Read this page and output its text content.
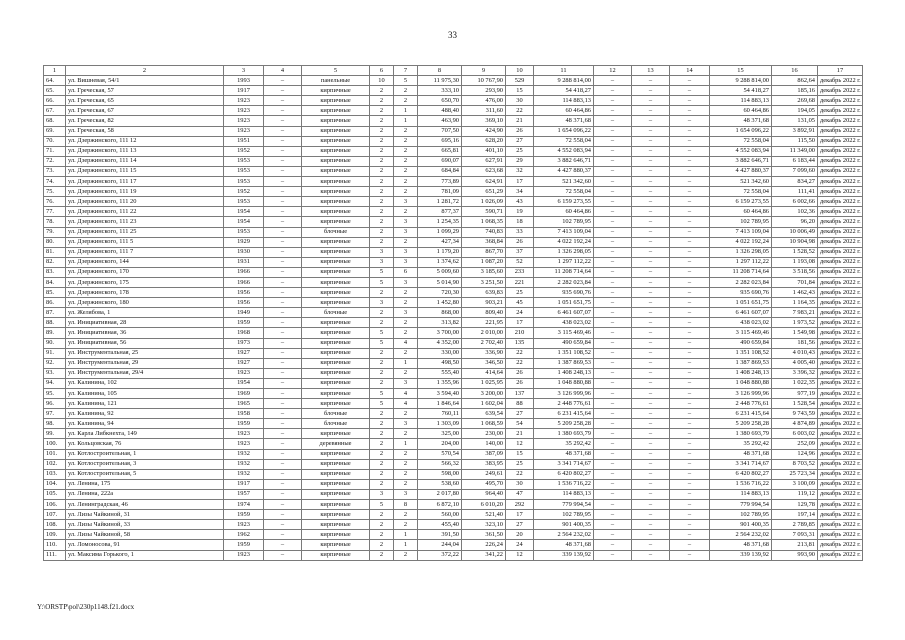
33
1	2	3	4	5	6	7	8	9	10	11	12	13	14	15	16	17
64.	ул. Вишневая, 54/1	1993	–	панельные	10	5	11 975,30	10 767,90	529	9 288 814,00	–	–	–	9 288 814,00	862,64	декабрь 2022 г.
65.	ул. Греческая, 57	1917	–	кирпичные	2	2	333,10	293,90	15	54 418,27	–	–	–	54 418,27	185,16	декабрь 2022 г.
66.	ул. Греческая, 65	1923	–	кирпичные	2	2	650,70	476,00	30	114 883,13	–	–	–	114 883,13	269,68	декабрь 2022 г.
67.	ул. Греческая, 67	1923	–	кирпичные	2	1	488,40	311,60	22	60 464,86	–	–	–	60 464,86	194,05	декабрь 2022 г.
68.	ул. Греческая, 82	1923	–	кирпичные	2	1	463,90	369,10	21	48 371,68	–	–	–	48 371,68	131,05	декабрь 2022 г.
69.	ул. Греческая, 58	1923	–	кирпичные	2	2	707,50	424,90	26	1 654 096,22	–	–	–	1 654 096,22	3 892,91	декабрь 2022 г.
70.	ул. Дзержинского, 111 12	1951	–	кирпичные	2	2	695,16	628,20	27	72 558,04	–	–	–	72 558,04	115,50	декабрь 2022 г.
71.	ул. Дзержинского, 111 13	1952	–	кирпичные	2	2	665,81	401,10	25	4 552 083,94	–	–	–	4 552 083,94	11 349,00	декабрь 2022 г.
72.	ул. Дзержинского, 111 14	1953	–	кирпичные	2	2	690,07	627,91	29	3 882 646,71	–	–	–	3 882 646,71	6 183,44	декабрь 2022 г.
73.	ул. Дзержинского, 111 15	1953	–	кирпичные	2	2	684,84	623,68	32	4 427 880,37	–	–	–	4 427 880,37	7 099,60	декабрь 2022 г.
74.	ул. Дзержинского, 111 17	1953	–	кирпичные	2	2	773,89	624,91	17	521 342,60	–	–	–	521 342,60	834,27	декабрь 2022 г.
75.	ул. Дзержинского, 111 19	1952	–	кирпичные	2	2	781,09	651,29	34	72 558,04	–	–	–	72 558,04	111,41	декабрь 2022 г.
76.	ул. Дзержинского, 111 20	1953	–	кирпичные	2	3	1 281,72	1 026,09	43	6 159 273,55	–	–	–	6 159 273,55	6 002,66	декабрь 2022 г.
77.	ул. Дзержинского, 111 22	1954	–	кирпичные	2	2	877,37	590,71	19	60 464,86	–	–	–	60 464,86	102,36	декабрь 2022 г.
78.	ул. Дзержинского, 111 23	1954	–	кирпичные	2	3	1 254,35	1 068,35	18	102 789,95	–	–	–	102 789,95	96,20	декабрь 2022 г.
79.	ул. Дзержинского, 111 25	1953	–	блочные	2	3	1 099,29	740,83	33	7 413 109,04	–	–	–	7 413 109,04	10 006,49	декабрь 2022 г.
80.	ул. Дзержинского, 111 5	1929	–	кирпичные	2	2	427,34	368,84	26	4 022 192,24	–	–	–	4 022 192,24	10 904,98	декабрь 2022 г.
81.	ул. Дзержинского, 111 7	1930	–	кирпичные	3	3	1 179,20	867,70	37	1 326 298,05	–	–	–	1 326 298,05	1 528,52	декабрь 2022 г.
82.	ул. Дзержинского, 144	1931	–	кирпичные	3	3	1 374,62	1 087,20	52	1 297 112,22	–	–	–	1 297 112,22	1 193,08	декабрь 2022 г.
83.	ул. Дзержинского, 170	1966	–	кирпичные	5	6	5 009,60	3 185,60	233	11 208 714,64	–	–	–	11 208 714,64	3 518,56	декабрь 2022 г.
84.	ул. Дзержинского, 175	1966	–	кирпичные	5	3	5 014,90	3 251,50	221	2 282 023,84	–	–	–	2 282 023,84	701,84	декабрь 2022 г.
85.	ул. Дзержинского, 178	1956	–	кирпичные	2	2	720,30	639,83	25	935 690,76	–	–	–	935 690,76	1 462,43	декабрь 2022 г.
86.	ул. Дзержинского, 180	1956	–	кирпичные	3	2	1 452,80	903,21	45	1 051 651,75	–	–	–	1 051 651,75	1 164,35	декабрь 2022 г.
87.	ул. Желябова, 1	1949	–	блочные	2	3	868,00	809,40	24	6 461 607,07	–	–	–	6 461 607,07	7 983,21	декабрь 2022 г.
88.	ул. Инициативная, 28	1959	–	кирпичные	2	2	313,82	221,95	17	438 023,02	–	–	–	438 023,02	1 973,52	декабрь 2022 г.
89.	ул. Инициативная, 36	1968	–	кирпичные	5	2	3 700,00	2 010,00	210	3 115 469,46	–	–	–	3 115 469,46	1 549,98	декабрь 2022 г.
90.	ул. Инициативная, 56	1973	–	кирпичные	5	4	4 352,00	2 702,40	135	490 659,84	–	–	–	490 659,84	181,56	декабрь 2022 г.
91.	ул. Инструментальная, 25	1927	–	кирпичные	2	2	330,00	336,90	22	1 351 108,52	–	–	–	1 351 108,52	4 010,43	декабрь 2022 г.
92.	ул. Инструментальная, 29	1927	–	кирпичные	2	1	498,50	346,50	22	1 387 869,53	–	–	–	1 387 869,53	4 005,40	декабрь 2022 г.
93.	ул. Инструментальная, 29/4	1923	–	кирпичные	2	2	555,40	414,64	26	1 408 248,13	–	–	–	1 408 248,13	3 396,32	декабрь 2022 г.
94.	ул. Калинина, 102	1954	–	кирпичные	2	3	1 355,96	1 025,95	26	1 048 880,88	–	–	–	1 048 880,88	1 022,35	декабрь 2022 г.
95.	ул. Калинина, 105	1969	–	кирпичные	5	4	3 594,40	3 200,00	137	3 126 999,96	–	–	–	3 126 999,96	977,19	декабрь 2022 г.
96.	ул. Калинина, 121	1965	–	кирпичные	5	4	1 846,64	1 602,04	88	2 448 776,61	–	–	–	2 448 776,61	1 528,54	декабрь 2022 г.
97.	ул. Калинина, 92	1958	–	блочные	2	2	760,11	639,54	27	6 231 415,64	–	–	–	6 231 415,64	9 743,59	декабрь 2022 г.
98.	ул. Калинина, 94	1959	–	блочные	2	3	1 303,09	1 068,59	54	5 209 258,28	–	–	–	5 209 258,28	4 874,89	декабрь 2022 г.
99.	ул. Карла Либкнехта, 149	1923	–	кирпичные	2	2	325,00	230,00	21	1 380 693,79	–	–	–	1 380 693,79	6 003,02	декабрь 2022 г.
100.	ул. Кольцовская, 76	1923	–	деревянные	2	1	204,00	140,00	12	35 292,42	–	–	–	35 292,42	252,09	декабрь 2022 г.
101.	ул. Котлостроительная, 1	1932	–	кирпичные	2	2	570,54	387,09	15	48 371,68	–	–	–	48 371,68	124,96	декабрь 2022 г.
102.	ул. Котлостроительная, 3	1932	–	кирпичные	2	2	566,32	383,95	25	3 341 714,67	–	–	–	3 341 714,67	8 703,52	декабрь 2022 г.
103.	ул. Котлостроительная, 5	1932	–	кирпичные	2	2	598,00	249,61	22	6 420 802,27	–	–	–	6 420 802,27	25 723,34	декабрь 2022 г.
104.	ул. Ленина, 175	1917	–	кирпичные	2	2	538,60	495,70	30	1 536 716,22	–	–	–	1 536 716,22	3 100,09	декабрь 2022 г.
105.	ул. Ленина, 222а	1957	–	кирпичные	3	3	2 017,80	964,40	47	114 883,13	–	–	–	114 883,13	119,12	декабрь 2022 г.
106.	ул. Ленинградская, 46	1974	–	кирпичные	5	8	6 872,10	6 010,20	292	779 994,54	–	–	–	779 994,54	129,78	декабрь 2022 г.
107.	ул. Лизы Чайкиной, 31	1959	–	кирпичные	2	2	560,00	521,40	17	102 789,95	–	–	–	102 789,95	197,14	декабрь 2022 г.
108.	ул. Лизы Чайкиной, 33	1923	–	кирпичные	2	2	455,40	323,10	27	901 400,35	–	–	–	901 400,35	2 789,85	декабрь 2022 г.
109.	ул. Лизы Чайкиной, 58	1962	–	кирпичные	2	1	391,50	361,50	20	2 564 232,02	–	–	–	2 564 232,02	7 093,31	декабрь 2022 г.
110.	ул. Ломоносова, 91	1959	–	кирпичные	2	1	244,04	226,24	24	48 371,68	–	–	–	48 371,68	213,81	декабрь 2022 г.
111.	ул. Максима Горького, 1	1923	–	кирпичные	2	2	372,22	341,22	12	339 139,92	–	–	–	339 139,92	993,90	декабрь 2022 г.
Y:\ORSTP\pol\230p1148.f21.docx
